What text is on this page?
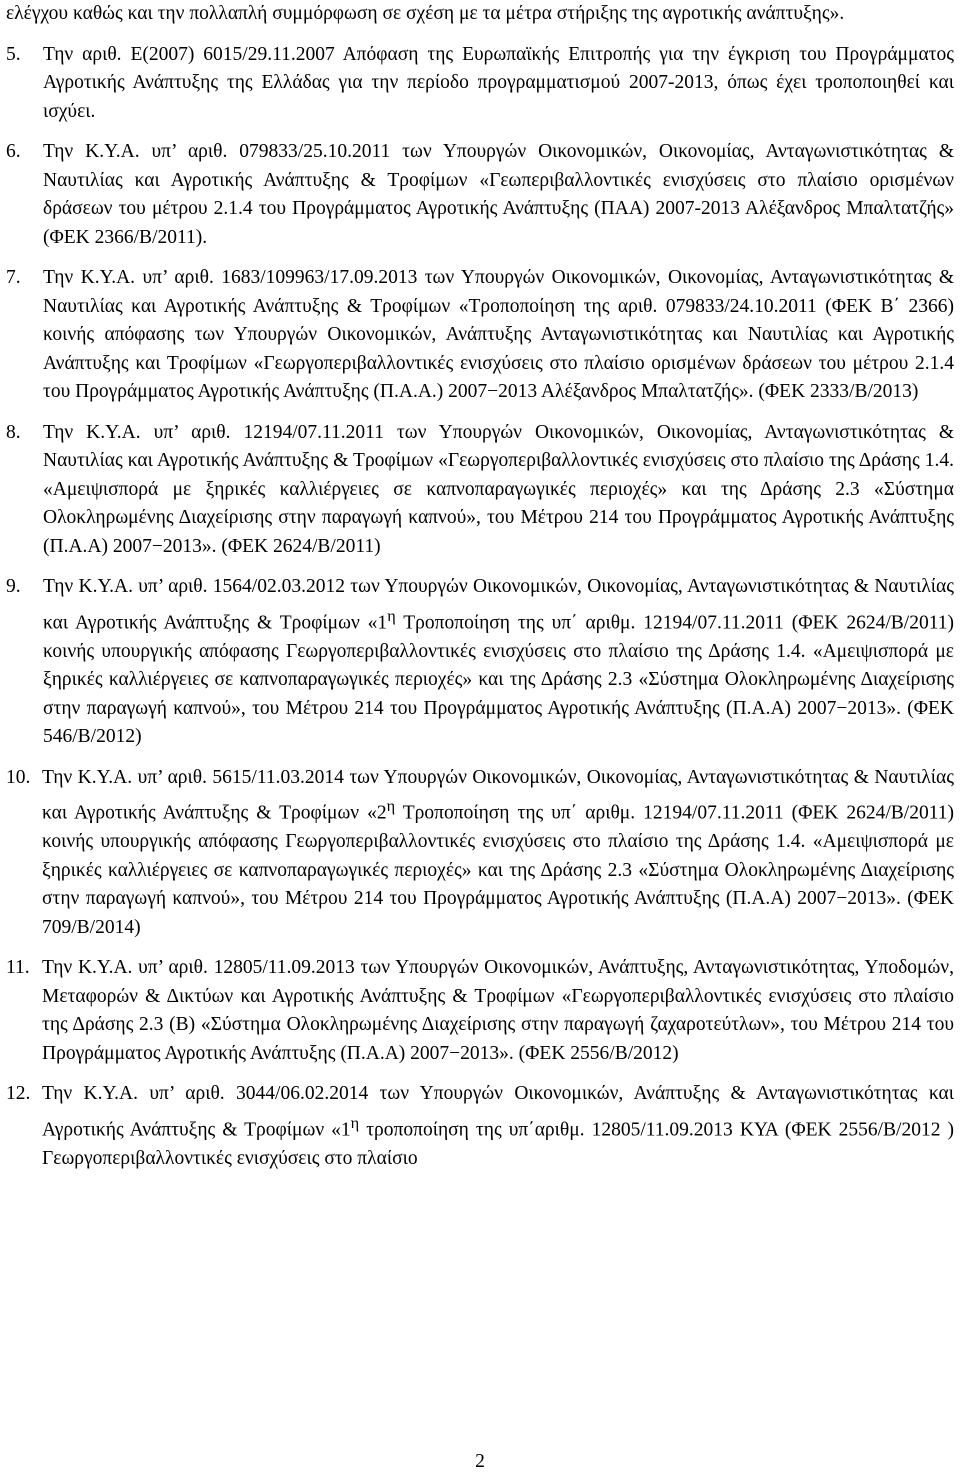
ελέγχου καθώς και την πολλαπλή συμμόρφωση σε σχέση με τα μέτρα στήριξης της αγροτικής ανάπτυξης».

5. Την αριθ. Ε(2007) 6015/29.11.2007 Απόφαση της Ευρωπαϊκής Επιτροπής για την έγκριση του Προγράμματος Αγροτικής Ανάπτυξης της Ελλάδας για την περίοδο προγραμματισμού 2007-2013, όπως έχει τροποποιηθεί και ισχύει.

6. Την Κ.Υ.Α. υπ’ αριθ. 079833/25.10.2011 των Υπουργών Οικονομικών, Οικονομίας, Ανταγωνιστικότητας & Ναυτιλίας και Αγροτικής Ανάπτυξης & Τροφίμων «Γεωπεριβαλλοντικές ενισχύσεις στο πλαίσιο ορισμένων δράσεων του μέτρου 2.1.4 του Προγράμματος Αγροτικής Ανάπτυξης (ΠΑΑ) 2007-2013 Αλέξανδρος Μπαλτατζής» (ΦΕΚ 2366/Β/2011).

7. Την Κ.Υ.Α. υπ’ αριθ. 1683/109963/17.09.2013 των Υπουργών Οικονομικών, Οικονομίας, Ανταγωνιστικότητας & Ναυτιλίας και Αγροτικής Ανάπτυξης & Τροφίμων «Τροποποίηση της αριθ. 079833/24.10.2011 (ΦΕΚ Β΄ 2366) κοινής απόφασης των Υπουργών Οικονομικών, Ανάπτυξης Ανταγωνιστικότητας και Ναυτιλίας και Αγροτικής Ανάπτυξης και Τροφίμων «Γεωργοπεριβαλλοντικές ενισχύσεις στο πλαίσιο ορισμένων δράσεων του μέτρου 2.1.4 του Προγράμματος Αγροτικής Ανάπτυξης (Π.Α.Α.) 2007−2013 Αλέξανδρος Μπαλτατζής». (ΦΕΚ 2333/Β/2013)

8. Την Κ.Υ.Α. υπ’ αριθ. 12194/07.11.2011 των Υπουργών Οικονομικών, Οικονομίας, Ανταγωνιστικότητας & Ναυτιλίας και Αγροτικής Ανάπτυξης & Τροφίμων «Γεωργοπεριβαλλοντικές ενισχύσεις στο πλαίσιο της Δράσης 1.4. «Αμειψισπορά με ξηρικές καλλιέργειες σε καπνοπαραγωγικές περιοχές» και της Δράσης 2.3 «Σύστημα Ολοκληρωμένης Διαχείρισης στην παραγωγή καπνού», του Μέτρου 214 του Προγράμματος Αγροτικής Ανάπτυξης (Π.Α.Α) 2007−2013». (ΦΕΚ 2624/Β/2011)

9. Την Κ.Υ.Α. υπ’ αριθ. 1564/02.03.2012 των Υπουργών Οικονομικών, Οικονομίας, Ανταγωνιστικότητας & Ναυτιλίας και Αγροτικής Ανάπτυξης & Τροφίμων «$1^\eta$ Τροποποίηση της υπ΄ αριθμ. 12194/07.11.2011 (ΦΕΚ 2624/Β/2011) κοινής υπουργικής απόφασης Γεωργοπεριβαλλοντικές ενισχύσεις στο πλαίσιο της Δράσης 1.4. «Αμειψισπορά με ξηρικές καλλιέργειες σε καπνοπαραγωγικές περιοχές» και της Δράσης 2.3 «Σύστημα Ολοκληρωμένης Διαχείρισης στην παραγωγή καπνού», του Μέτρου 214 του Προγράμματος Αγροτικής Ανάπτυξης (Π.Α.Α) 2007−2013». (ΦΕΚ 546/Β/2012)

10. Την Κ.Υ.Α. υπ’ αριθ. 5615/11.03.2014 των Υπουργών Οικονομικών, Οικονομίας, Ανταγωνιστικότητας & Ναυτιλίας και Αγροτικής Ανάπτυξης & Τροφίμων «$2^\eta$ Τροποποίηση της υπ΄ αριθμ. 12194/07.11.2011 (ΦΕΚ 2624/Β/2011) κοινής υπουργικής απόφασης Γεωργοπεριβαλλοντικές ενισχύσεις στο πλαίσιο της Δράσης 1.4. «Αμειψισπορά με ξηρικές καλλιέργειες σε καπνοπαραγωγικές περιοχές» και της Δράσης 2.3 «Σύστημα Ολοκληρωμένης Διαχείρισης στην παραγωγή καπνού», του Μέτρου 214 του Προγράμματος Αγροτικής Ανάπτυξης (Π.Α.Α) 2007−2013». (ΦΕΚ 709/Β/2014)

11. Την Κ.Υ.Α. υπ’ αριθ. 12805/11.09.2013 των Υπουργών Οικονομικών, Ανάπτυξης, Ανταγωνιστικότητας, Υποδομών, Μεταφορών & Δικτύων και Αγροτικής Ανάπτυξης & Τροφίμων «Γεωργοπεριβαλλοντικές ενισχύσεις στο πλαίσιο της Δράσης 2.3 (Β) «Σύστημα Ολοκληρωμένης Διαχείρισης στην παραγωγή ζαχαροτεύτλων», του Μέτρου 214 του Προγράμματος Αγροτικής Ανάπτυξης (Π.Α.Α) 2007−2013». (ΦΕΚ 2556/Β/2012)

12. Την Κ.Υ.Α. υπ’ αριθ. 3044/06.02.2014 των Υπουργών Οικονομικών, Ανάπτυξης & Ανταγωνιστικότητας και Αγροτικής Ανάπτυξης & Τροφίμων «$1^\eta$ τροποποίηση της υπ΄αριθμ. 12805/11.09.2013 ΚΥΑ (ΦΕΚ 2556/Β/2012 ) Γεωργοπεριβαλλοντικές ενισχύσεις στο πλαίσιο

2
